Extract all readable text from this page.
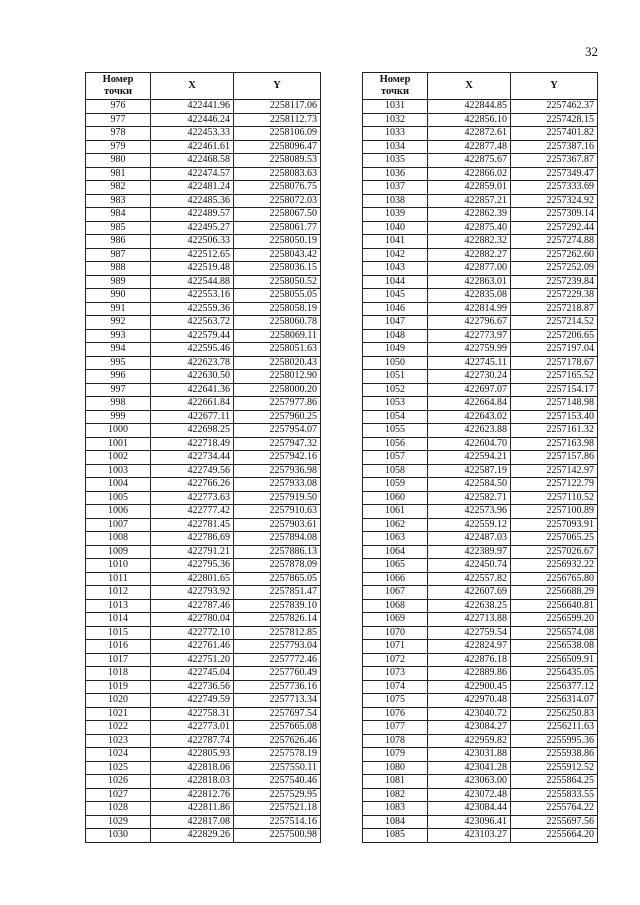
32
Номер
точки	X	Y
976	422441.96	2258117.06
977	422446.24	2258112.73
978	422453.33	2258106.09
979	422461.61	2258096.47
980	422468.58	2258089.53
981	422474.57	2258083.63
982	422481.24	2258076.75
983	422485.36	2258072.03
984	422489.57	2258067.50
985	422495.27	2258061.77
986	422506.33	2258050.19
987	422512.65	2258043.42
988	422519.48	2258036.15
989	422544.88	2258050.52
990	422553.16	2258055.05
991	422559.36	2258058.19
992	422563.72	2258060.78
993	422579.44	2258069.11
994	422595.46	2258051.63
995	422623.78	2258020.43
996	422630.50	2258012.90
997	422641.36	2258000.20
998	422661.84	2257977.86
999	422677.11	2257960.25
1000	422698.25	2257954.07
1001	422718.49	2257947.32
1002	422734.44	2257942.16
1003	422749.56	2257936.98
1004	422766.26	2257933.08
1005	422773.63	2257919.50
1006	422777.42	2257910.63
1007	422781.45	2257903.61
1008	422786.69	2257894.08
1009	422791.21	2257886.13
1010	422795.36	2257878.09
1011	422801.65	2257865.05
1012	422793.92	2257851.47
1013	422787.46	2257839.10
1014	422780.04	2257826.14
1015	422772.10	2257812.85
1016	422761.46	2257793.04
1017	422751.20	2257772.46
1018	422745.04	2257760.49
1019	422736.56	2257736.16
1020	422749.59	2257713.34
1021	422758.31	2257697.54
1022	422773.01	2257665.08
1023	422787.74	2257626.46
1024	422805.93	2257578.19
1025	422818.06	2257550.11
1026	422818.03	2257540.46
1027	422812.76	2257529.95
1028	422811.86	2257521.18
1029	422817.08	2257514.16
1030	422829.26	2257500.98
Номер
точки	X	Y
1031	422844.85	2257462.37
1032	422856.10	2257428.15
1033	422872.61	2257401.82
1034	422877.48	2257387.16
1035	422875.67	2257367.87
1036	422866.02	2257349.47
1037	422859.01	2257333.69
1038	422857.21	2257324.92
1039	422862.39	2257309.14
1040	422875.40	2257292.44
1041	422882.32	2257274.88
1042	422882.27	2257262.60
1043	422877.00	2257252.09
1044	422863.01	2257239.84
1045	422835.08	2257229.38
1046	422814.99	2257218.87
1047	422796.67	2257214.52
1048	422773.97	2257206.65
1049	422759.99	2257197.04
1050	422745.11	2257178.67
1051	422730.24	2257165.52
1052	422697.07	2257154.17
1053	422664.84	2257148.98
1054	422643.02	2257153.40
1055	422623.88	2257161.32
1056	422604.70	2257163.98
1057	422594.21	2257157.86
1058	422587.19	2257142.97
1059	422584.50	2257122.79
1060	422582.71	2257110.52
1061	422573.96	2257100.89
1062	422559.12	2257093.91
1063	422487.03	2257065.25
1064	422389.97	2257026.67
1065	422450.74	2256932.22
1066	422557.82	2256765.80
1067	422607.69	2256688.29
1068	422638.25	2256640.81
1069	422713.88	2256599.20
1070	422759.54	2256574.08
1071	422824.97	2256538.08
1072	422876.18	2256509.91
1073	422889.86	2256435.05
1074	422900.45	2256377.12
1075	422970.48	2256314.07
1076	423040.72	2256250.83
1077	423084.27	2256211.63
1078	422959.82	2255995.36
1079	423031.88	2255938.86
1080	423041.28	2255912.52
1081	423063.00	2255864.25
1082	423072.48	2255833.55
1083	423084.44	2255764.22
1084	423096.41	2255697.56
1085	423103.27	2255664.20
